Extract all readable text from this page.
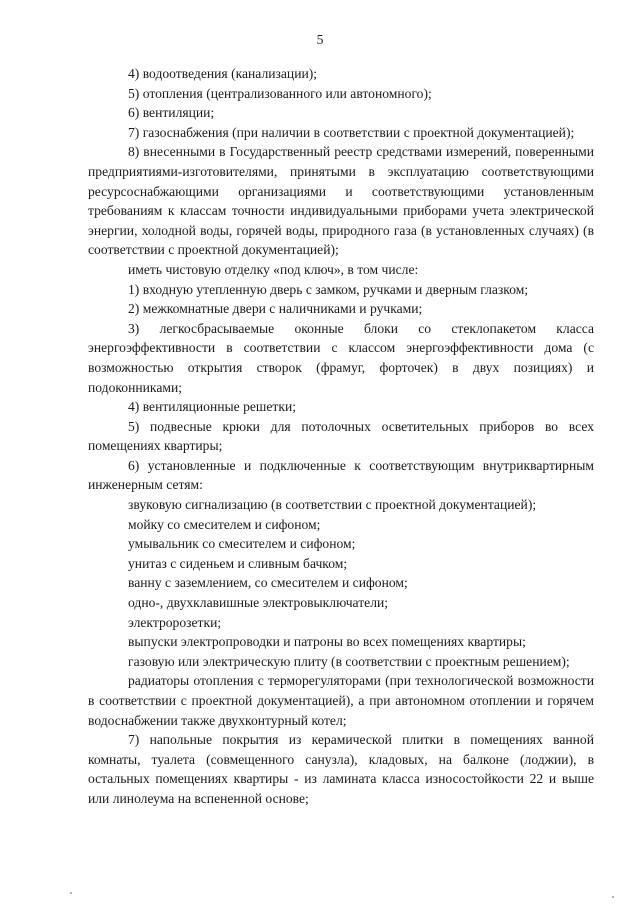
5

4) водоотведения (канализации);

5) отопления (централизованного или автономного);

6) вентиляции;

7) газоснабжения (при наличии в соответствии с проектной документацией);

8) внесенными в Государственный реестр средствами измерений, поверенными предприятиями-изготовителями, принятыми в эксплуатацию соответствующими ресурсоснабжающими организациями и соответствующими установленным требованиям к классам точности индивидуальными приборами учета электрической энергии, холодной воды, горячей воды, природного газа (в установленных случаях) (в соответствии с проектной документацией);

иметь чистовую отделку «под ключ», в том числе:

1) входную утепленную дверь с замком, ручками и дверным глазком;

2) межкомнатные двери с наличниками и ручками;

3) легкосбрасываемые оконные блоки со стеклопакетом класса энергоэффективности в соответствии с классом энергоэффективности дома (с возможностью открытия створок (фрамуг, форточек) в двух позициях) и подоконниками;

4) вентиляционные решетки;

5) подвесные крюки для потолочных осветительных приборов во всех помещениях квартиры;

6) установленные и подключенные к соответствующим внутриквартирным инженерным сетям:

звуковую сигнализацию (в соответствии с проектной документацией);

мойку со смесителем и сифоном;

умывальник со смесителем и сифоном;

унитаз с сиденьем и сливным бачком;

ванну с заземлением, со смесителем и сифоном;

одно-, двухклавишные электровыключатели;

электророзетки;

выпуски электропроводки и патроны во всех помещениях квартиры;

газовую или электрическую плиту (в соответствии с проектным решением);

радиаторы отопления с терморегуляторами (при технологической возможности в соответствии с проектной документацией), а при автономном отоплении и горячем водоснабжении также двухконтурный котел;

7) напольные покрытия из керамической плитки в помещениях ванной комнаты, туалета (совмещенного санузла), кладовых, на балконе (лоджии), в остальных помещениях квартиры - из ламината класса износостойкости 22 и выше или линолеума на вспененной основе;
